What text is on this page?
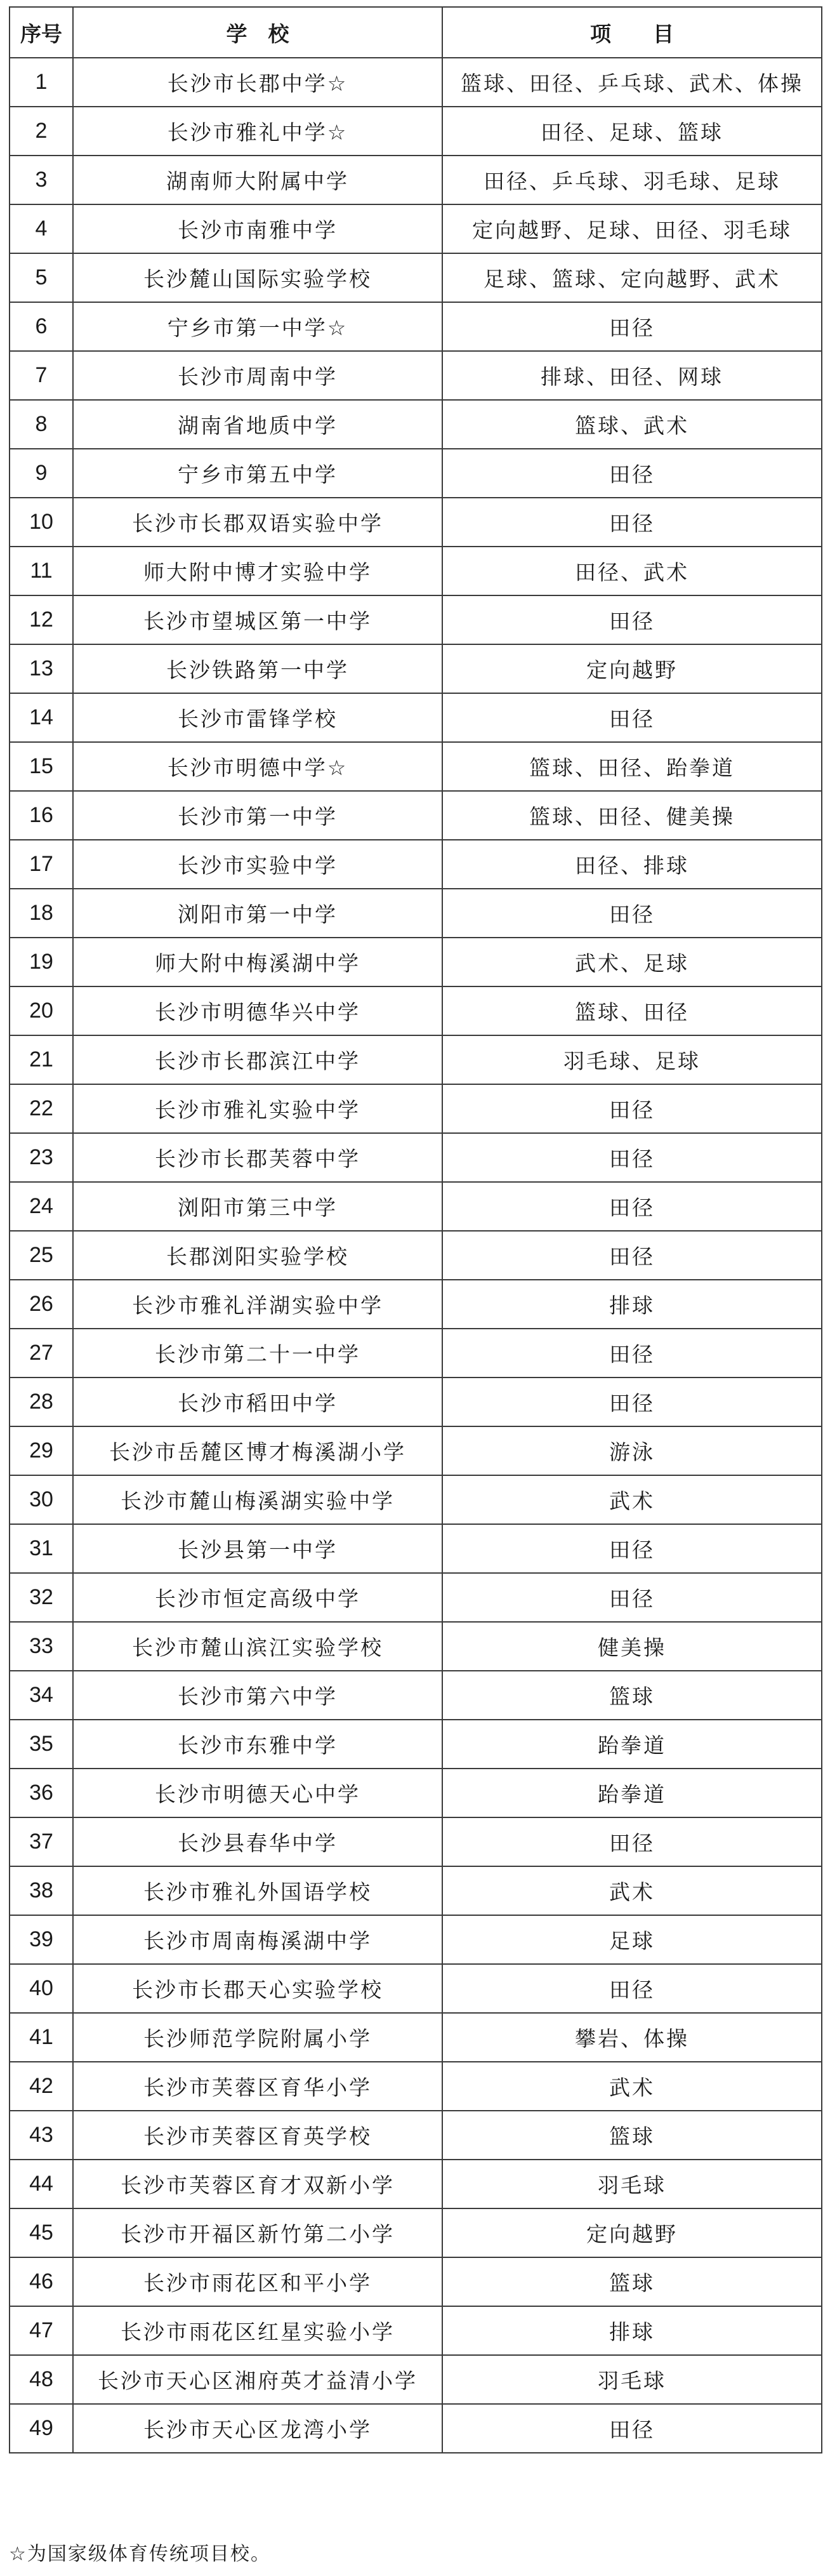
序号	学　校	项　　目
1	长沙市长郡中学☆	篮球、田径、乒乓球、武术、体操
2	长沙市雅礼中学☆	田径、足球、篮球
3	湖南师大附属中学	田径、乒乓球、羽毛球、足球
4	长沙市南雅中学	定向越野、足球、田径、羽毛球
5	长沙麓山国际实验学校	足球、篮球、定向越野、武术
6	宁乡市第一中学☆	田径
7	长沙市周南中学	排球、田径、网球
8	湖南省地质中学	篮球、武术
9	宁乡市第五中学	田径
10	长沙市长郡双语实验中学	田径
11	师大附中博才实验中学	田径、武术
12	长沙市望城区第一中学	田径
13	长沙铁路第一中学	定向越野
14	长沙市雷锋学校	田径
15	长沙市明德中学☆	篮球、田径、跆拳道
16	长沙市第一中学	篮球、田径、健美操
17	长沙市实验中学	田径、排球
18	浏阳市第一中学	田径
19	师大附中梅溪湖中学	武术、足球
20	长沙市明德华兴中学	篮球、田径
21	长沙市长郡滨江中学	羽毛球、足球
22	长沙市雅礼实验中学	田径
23	长沙市长郡芙蓉中学	田径
24	浏阳市第三中学	田径
25	长郡浏阳实验学校	田径
26	长沙市雅礼洋湖实验中学	排球
27	长沙市第二十一中学	田径
28	长沙市稻田中学	田径
29	长沙市岳麓区博才梅溪湖小学	游泳
30	长沙市麓山梅溪湖实验中学	武术
31	长沙县第一中学	田径
32	长沙市恒定高级中学	田径
33	长沙市麓山滨江实验学校	健美操
34	长沙市第六中学	篮球
35	长沙市东雅中学	跆拳道
36	长沙市明德天心中学	跆拳道
37	长沙县春华中学	田径
38	长沙市雅礼外国语学校	武术
39	长沙市周南梅溪湖中学	足球
40	长沙市长郡天心实验学校	田径
41	长沙师范学院附属小学	攀岩、体操
42	长沙市芙蓉区育华小学	武术
43	长沙市芙蓉区育英学校	篮球
44	长沙市芙蓉区育才双新小学	羽毛球
45	长沙市开福区新竹第二小学	定向越野
46	长沙市雨花区和平小学	篮球
47	长沙市雨花区红星实验小学	排球
48	长沙市天心区湘府英才益清小学	羽毛球
49	长沙市天心区龙湾小学	田径
☆为国家级体育传统项目校。
